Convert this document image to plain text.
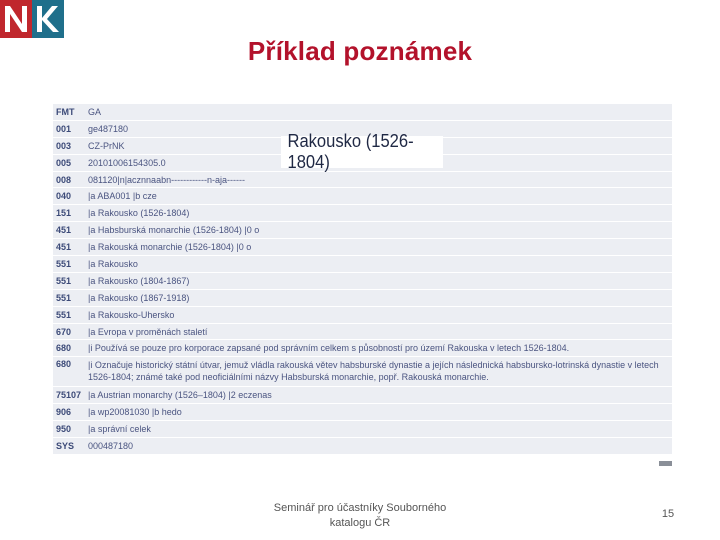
Příklad poznámek
FMT	GA
001	ge487180
003	CZ-PrNK
005	20101006154305.0
008	081120|n|acznnaabn------------n-aja------
040	|a ABA001 |b cze
151	|a Rakousko (1526-1804)
451	|a Habsburská monarchie (1526-1804) |0 o
451	|a Rakouská monarchie (1526-1804) |0 o
551	|a Rakousko
551	|a Rakousko (1804-1867)
551	|a Rakousko (1867-1918)
551	|a Rakousko-Uhersko
670	|a Evropa v proměnách staletí
680	|i Používá se pouze pro korporace zapsané pod správním celkem s působností pro území Rakouska v letech 1526-1804.
680	|i Označuje historický státní útvar, jemuž vládla rakouská větev habsburské dynastie a jejích následnická habsbursko-lotrinská dynastie v letech 1526-1804; známé také pod neoficiálními názvy Habsburská monarchie, popř. Rakouská monarchie.
75107 |a Austrian monarchy (1526–1804) |2 eczenas
906	|a wp20081030 |b hedo
950	|a správní celek
SYS	000487180
Rakousko (1526-1804)
Seminář pro účastníky Souborného
katalogu ČR
15
